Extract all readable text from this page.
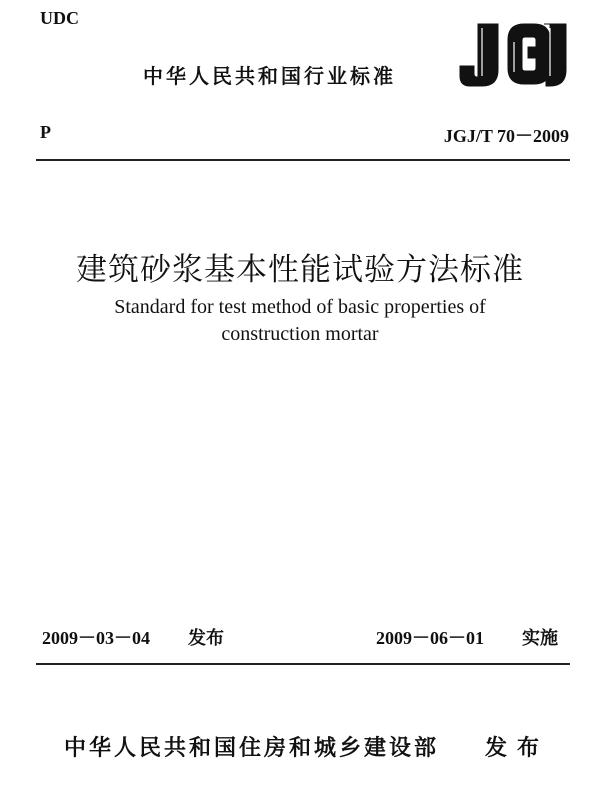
UDC
中华人民共和国行业标准
P	JGJ/T 70－2009
建筑砂浆基本性能试验方法标准
Standard for test method of basic properties of
construction mortar
2009－03－04 发布	2009－06－01 实施
中华人民共和国住房和城乡建设部 发布
